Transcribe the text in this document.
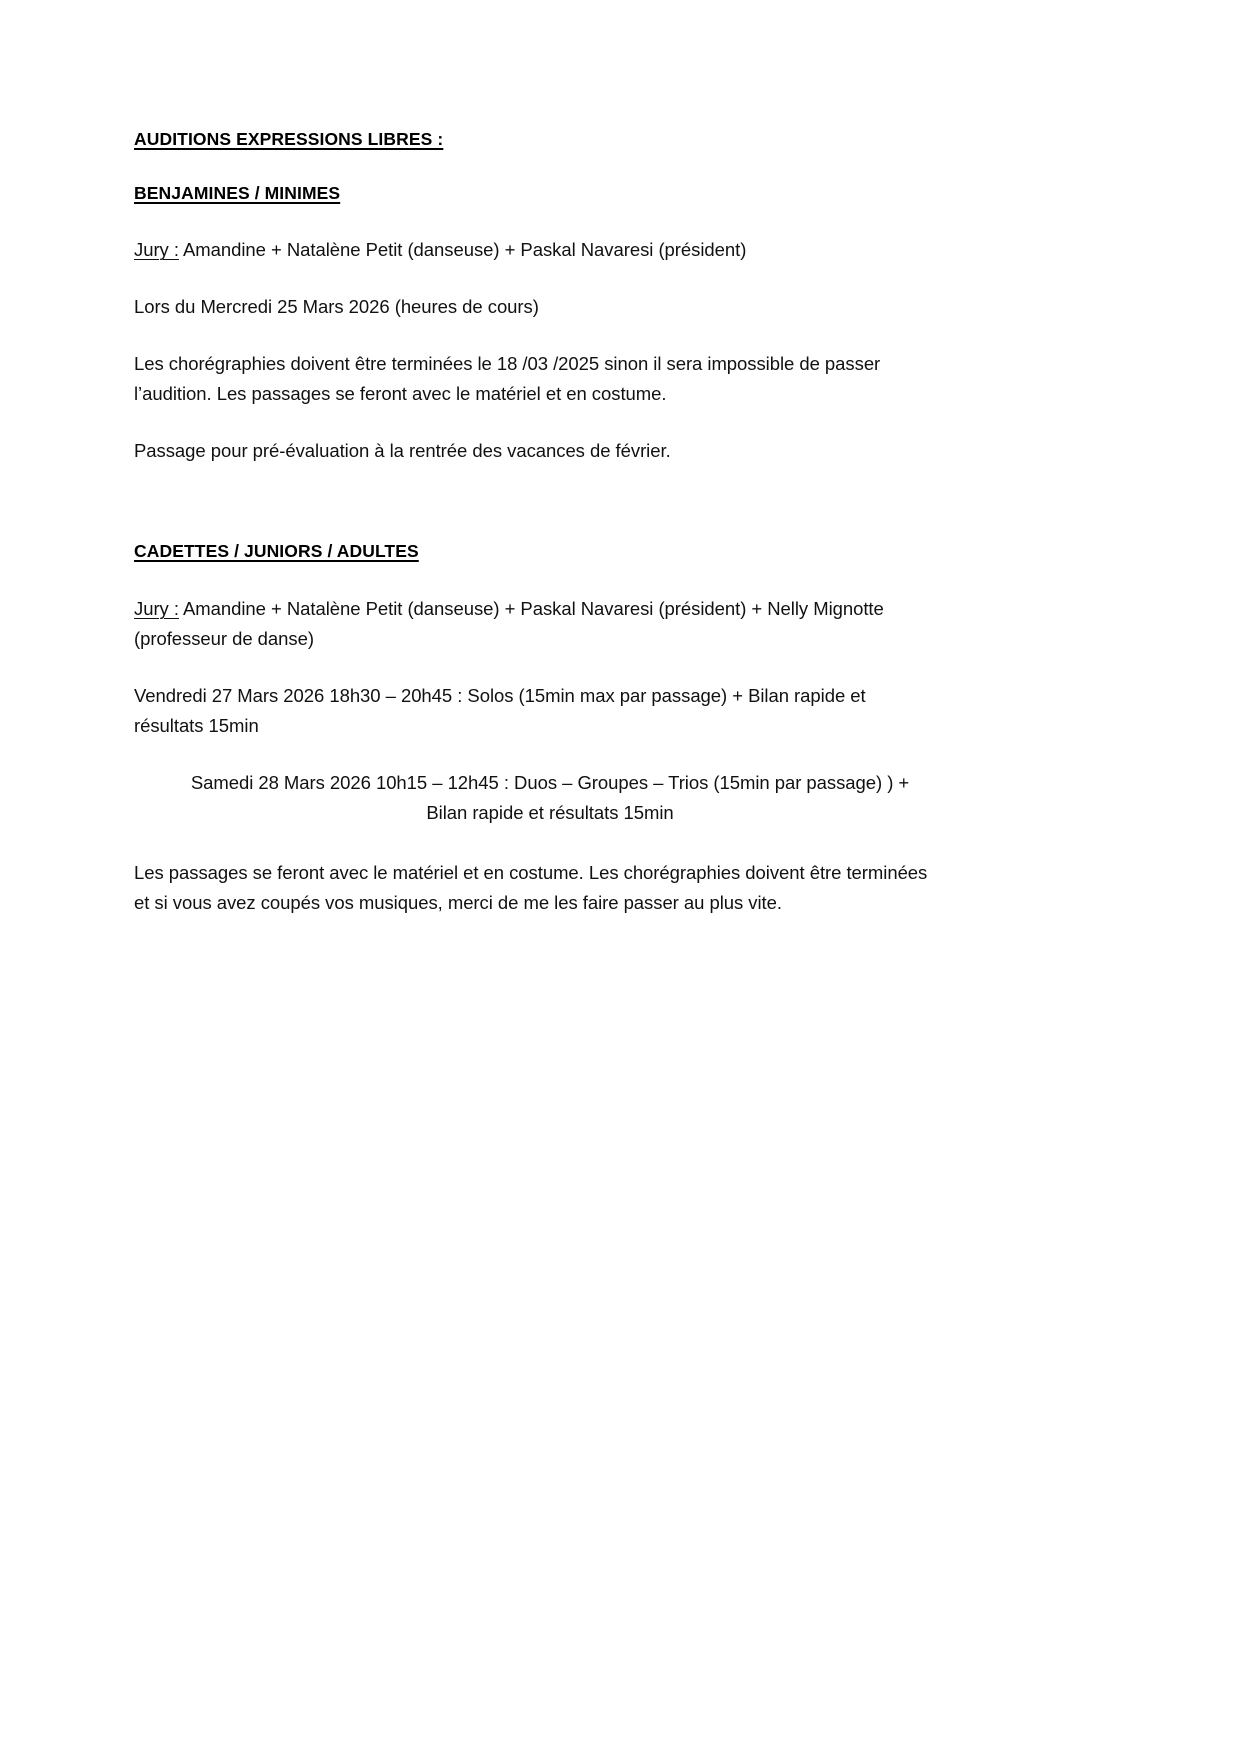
AUDITIONS EXPRESSIONS LIBRES :

BENJAMINES / MINIMES

Jury : Amandine + Natalène Petit (danseuse) + Paskal Navaresi (président)

Lors du Mercredi 25 Mars 2026 (heures de cours)

Les chorégraphies doivent être terminées le 18 /03 /2025 sinon il sera impossible de passer l’audition. Les passages se feront avec le matériel et en costume.

Passage pour pré-évaluation à la rentrée des vacances de février.

CADETTES / JUNIORS / ADULTES

Jury : Amandine + Natalène Petit (danseuse) + Paskal Navaresi (président) + Nelly Mignotte (professeur de danse)

Vendredi 27 Mars 2026 18h30 – 20h45 : Solos (15min max par passage) + Bilan rapide et résultats 15min

Samedi 28 Mars 2026 10h15 – 12h45 : Duos – Groupes – Trios (15min par passage) ) + Bilan rapide et résultats 15min

Les passages se feront avec le matériel et en costume. Les chorégraphies doivent être terminées et si vous avez coupés vos musiques, merci de me les faire passer au plus vite.
